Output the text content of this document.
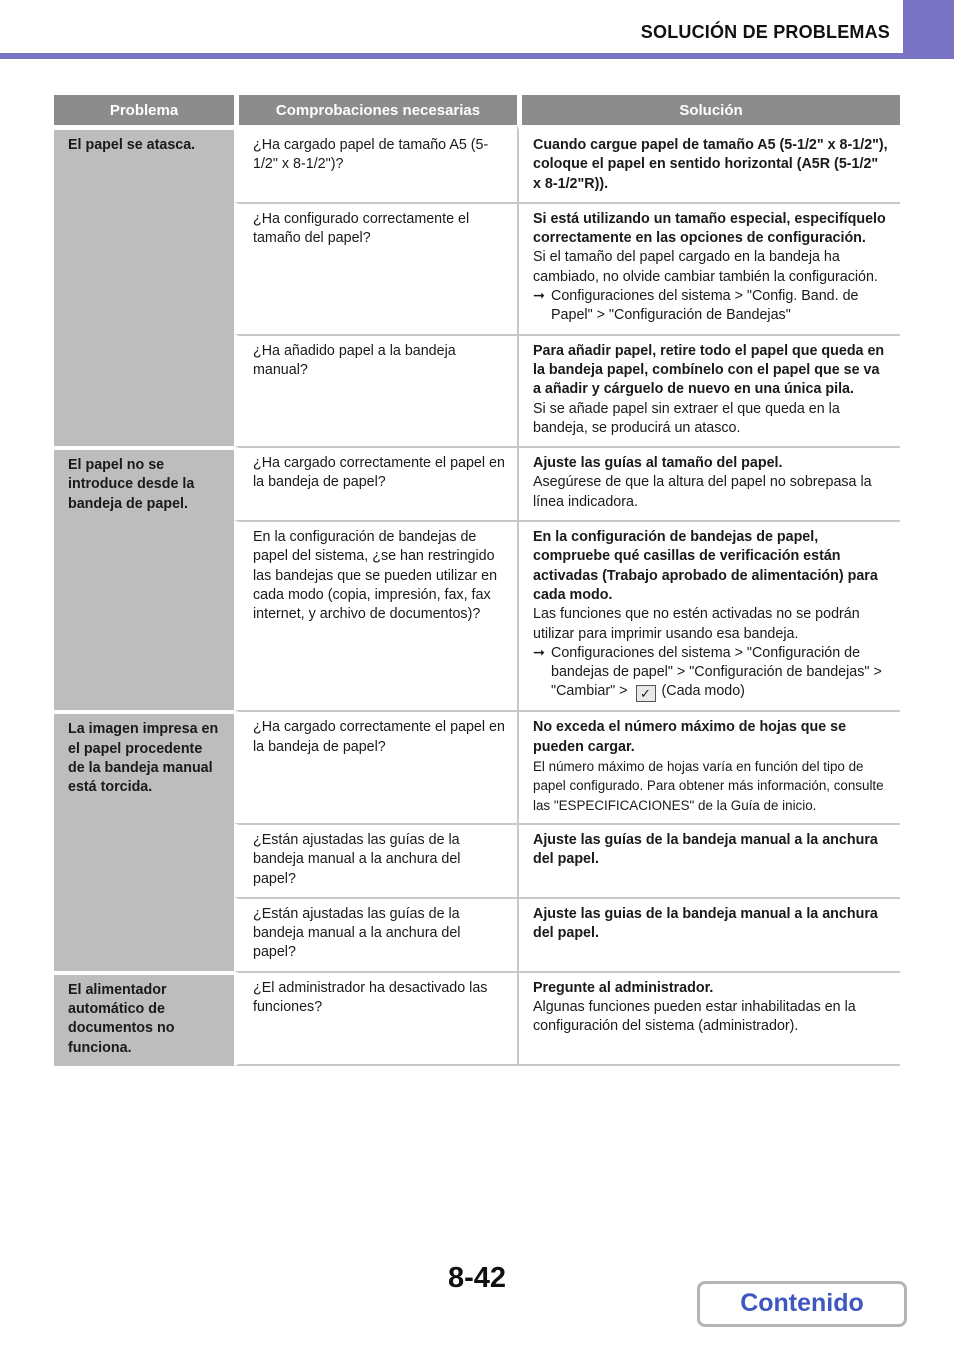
SOLUCIÓN DE PROBLEMAS
Problema	Comprobaciones necesarias	Solución
El papel se atasca.	¿Ha cargado papel de tamaño A5 (5-1/2" x 8-1/2")?	Cuando cargue papel de tamaño A5 (5-1/2" x 8-1/2"), coloque el papel en sentido horizontal (A5R (5-1/2" x 8-1/2"R)).
	¿Ha configurado correctamente el tamaño del papel?	Si está utilizando un tamaño especial, especifíquelo correctamente en las opciones de configuración.
Si el tamaño del papel cargado en la bandeja ha cambiado, no olvide cambiar también la configuración.
➞ Configuraciones del sistema > "Config. Band. de Papel" > "Configuración de Bandejas"

	¿Ha añadido papel a la bandeja manual?	Para añadir papel, retire todo el papel que queda en la bandeja papel, combínelo con el papel que se va a añadir y cárguelo de nuevo en una única pila.
Si se añade papel sin extraer el que queda en la bandeja, se producirá un atasco.

El papel no se introduce desde la bandeja de papel.	¿Ha cargado correctamente el papel en la bandeja de papel?	Ajuste las guías al tamaño del papel.
Asegúrese de que la altura del papel no sobrepasa la línea indicadora.

	En la configuración de bandejas de papel del sistema, ¿se han restringido las bandejas que se pueden utilizar en cada modo (copia, impresión, fax, fax internet, y archivo de documentos)?	En la configuración de bandejas de papel, compruebe qué casillas de verificación están activadas (Trabajo aprobado de alimentación) para cada modo.
Las funciones que no estén activadas no se podrán utilizar para imprimir usando esa bandeja.
➞ Configuraciones del sistema > "Configuración de bandejas de papel" > "Configuración de bandejas" > "Cambiar" > ✓ (Cada modo)

La imagen impresa en el papel procedente de la bandeja manual está torcida.	¿Ha cargado correctamente el papel en la bandeja de papel?	No exceda el número máximo de hojas que se pueden cargar.
El número máximo de hojas varía en función del tipo de papel configurado. Para obtener más información, consulte las "ESPECIFICACIONES" de la Guía de inicio.

	¿Están ajustadas las guías de la bandeja manual a la anchura del papel?	Ajuste las guías de la bandeja manual a la anchura del papel.
	¿Están ajustadas las guías de la bandeja manual a la anchura del papel?	Ajuste las guias de la bandeja manual a la anchura del papel.
El alimentador automático de documentos no funciona.	¿El administrador ha desactivado las funciones?	Pregunte al administrador.
Algunas funciones pueden estar inhabilitadas en la configuración del sistema (administrador).
8-42
Contenido
